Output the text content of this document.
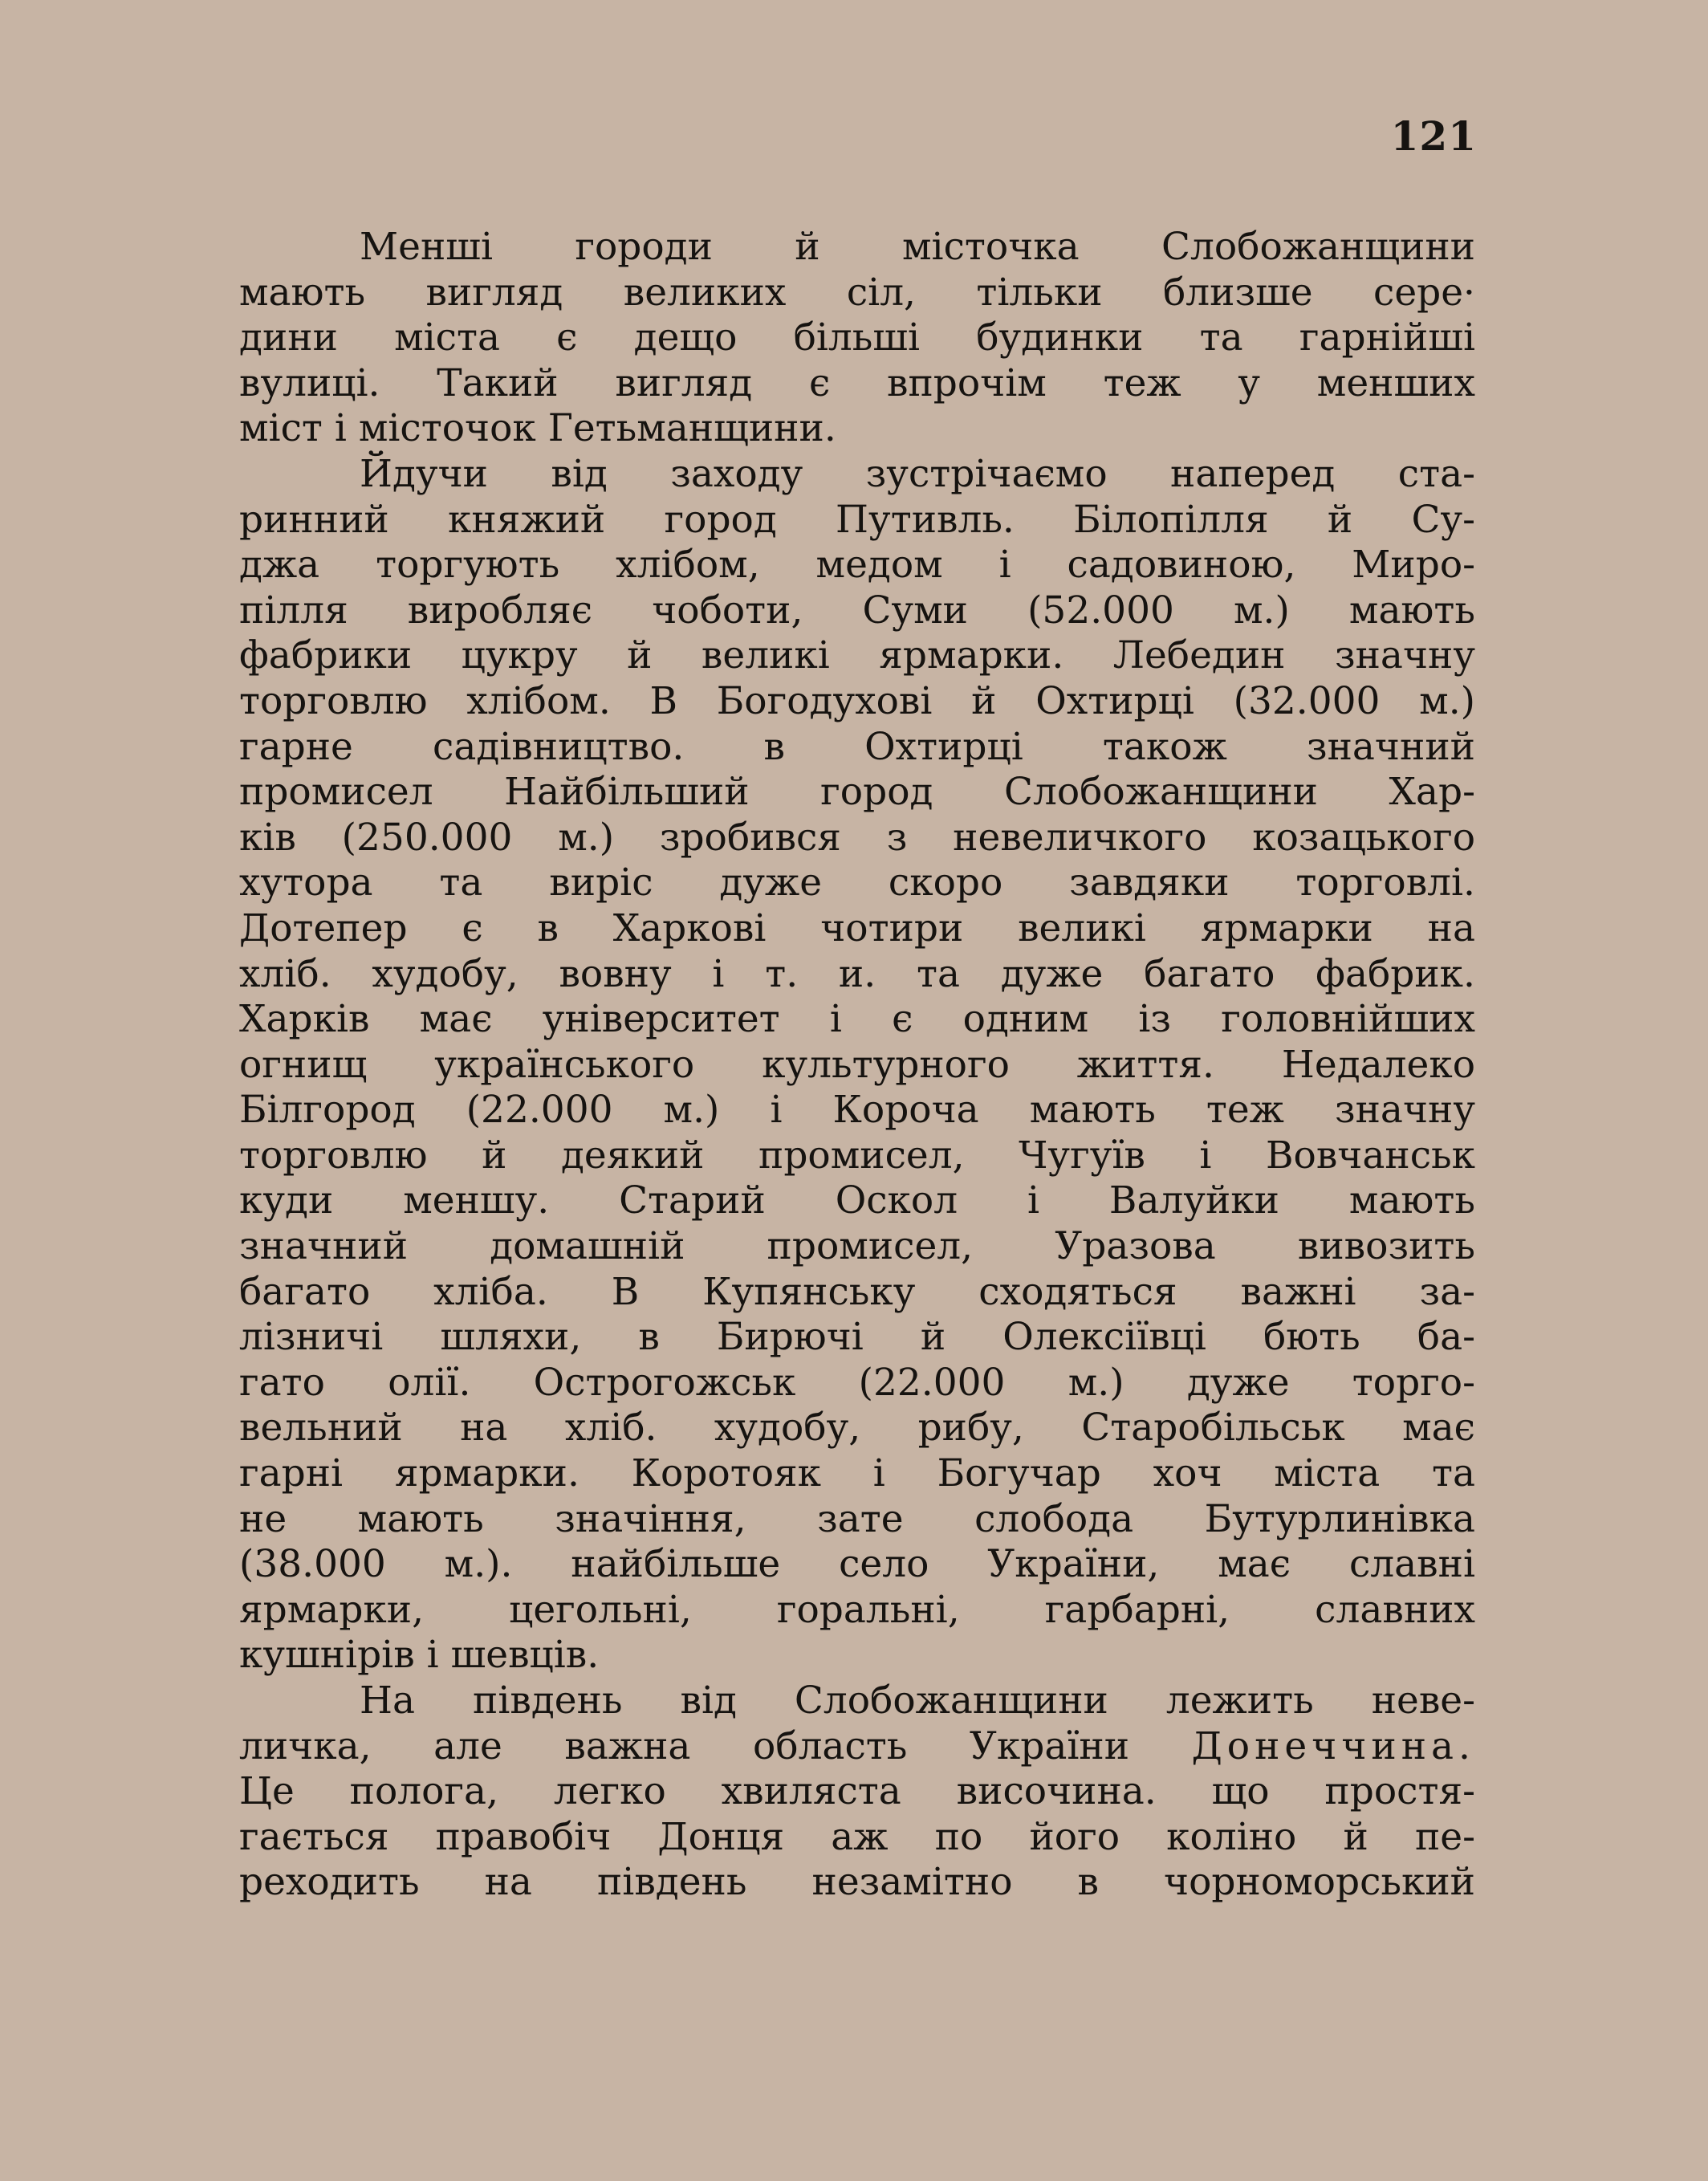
121

Менші городи й місточка Слобожанщини
мають вигляд великих сіл, тільки близше сере·
дини міста є дещо більші будинки та гарнійші
вулиці. Такий вигляд є впрочім теж у менших
міст і місточок Гетьманщини.

Йдучи від заходу зустрічаємо наперед ста-
ринний княжий город Путивль. Білопілля й Су-
джа торгують хлібом, медом і садовиною, Миро-
пілля виробляє чоботи, Суми (52.000 м.) мають
фабрики цукру й великі ярмарки. Лебедин значну
торговлю хлібом. В Богодухові й Охтирці (32.000 м.)
гарне садівництво. в Охтирці також значний
промисел Найбільший город Слобожанщини Хар-
ків (250.000 м.) зробився з невеличкого козацького
хутора та виріс дуже скоро завдяки торговлі.
Дотепер є в Харкові чотири великі ярмарки на
хліб. худобу, вовну і т. и. та дуже багато фабрик.
Харків має університет і є одним із головнійших
огнищ українського культурного життя. Недалеко
Білгород (22.000 м.) і Короча мають теж значну
торговлю й деякий промисел, Чугуїв і Вовчанськ
куди меншу. Старий Оскол і Валуйки мають
значний домашній промисел, Уразова вивозить
багато хліба. В Купянську сходяться важні за-
лізничі шляхи, в Бирючі й Олексіївці бють ба-
гато олії. Острогожськ (22.000 м.) дуже торго-
вельний на хліб. худобу, рибу, Старобільськ має
гарні ярмарки. Коротояк і Богучар хоч міста та
не мають значіння, зате слобода Бутурлинівка
(38.000 м.). найбільше село України, має славні
ярмарки, цегольні, горальні, гарбарні, славних
кушнірів і шевців.

На південь від Слобожанщини лежить неве-
личка, але важна область України Донеччина.
Це полога, легко хвиляста височина. що простя-
гається правобіч Донця аж по його коліно й пе-
реходить на південь незамітно в чорноморський
